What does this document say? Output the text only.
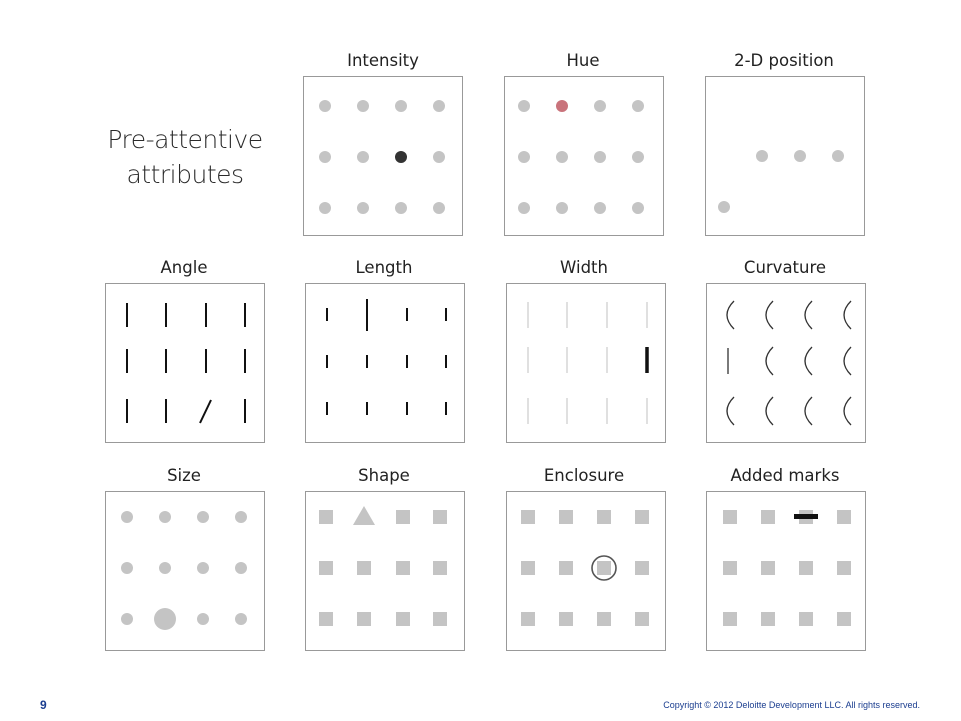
Pre-attentive
attributes
Intensity	Hue	2-D position
Angle	Length	Width	Curvature
Size	Shape	Enclosure	Added marks
9	Copyright © 2012 Deloitte Development LLC. All rights reserved.
